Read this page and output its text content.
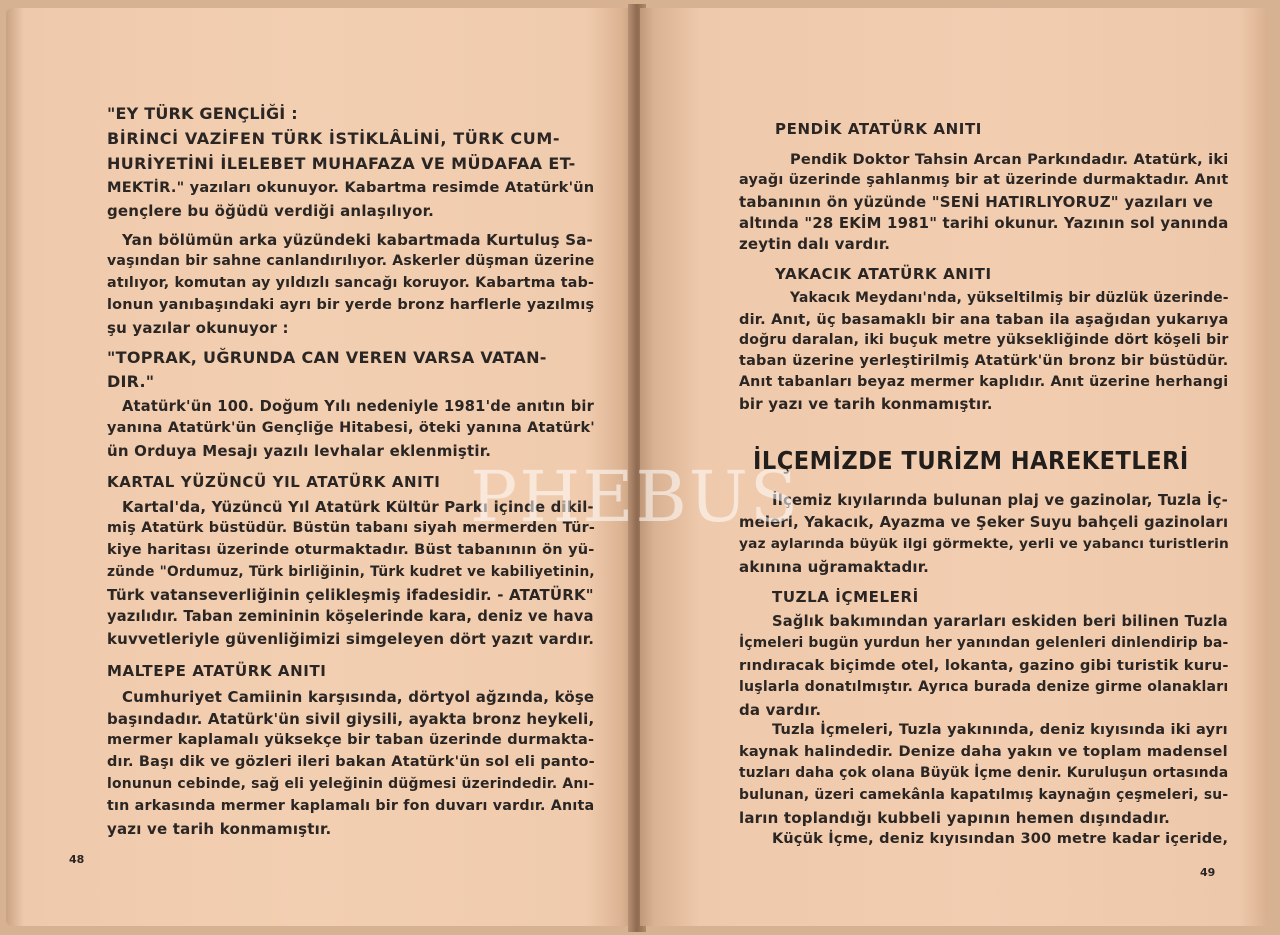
"EY TÜRK GENÇLİĞİ :
BİRİNCİ VAZİFEN TÜRK İSTİKLÂLİNİ, TÜRK CUM-
HURİYETİNİ İLELEBET MUHAFAZA VE MÜDAFAA ET-
MEKTİR." yazıları okunuyor. Kabartma resimde Atatürk'ün
gençlere bu öğüdü verdiği anlaşılıyor.
Yan bölümün arka yüzündeki kabartmada Kurtuluş Sa-
vaşından bir sahne canlandırılıyor. Askerler düşman üzerine
atılıyor, komutan ay yıldızlı sancağı koruyor. Kabartma tab-
lonun yanıbaşındaki ayrı bir yerde bronz harflerle yazılmış
şu yazılar okunuyor :
"TOPRAK, UĞRUNDA CAN VEREN VARSA VATAN-
DIR."
Atatürk'ün 100. Doğum Yılı nedeniyle 1981'de anıtın bir
yanına Atatürk'ün Gençliğe Hitabesi, öteki yanına Atatürk'
ün Orduya Mesajı yazılı levhalar eklenmiştir.
KARTAL YÜZÜNCÜ YIL ATATÜRK ANITI
Kartal'da, Yüzüncü Yıl Atatürk Kültür Parkı içinde dikil-
miş Atatürk büstüdür. Büstün tabanı siyah mermerden Tür-
kiye haritası üzerinde oturmaktadır. Büst tabanının ön yü-
zünde "Ordumuz, Türk birliğinin, Türk kudret ve kabiliyetinin,
Türk vatanseverliğinin çelikleşmiş ifadesidir. - ATATÜRK"
yazılıdır. Taban zemininin köşelerinde kara, deniz ve hava
kuvvetleriyle güvenliğimizi simgeleyen dört yazıt vardır.
MALTEPE ATATÜRK ANITI
Cumhuriyet Camiinin karşısında, dörtyol ağzında, köşe
başındadır. Atatürk'ün sivil giysili, ayakta bronz heykeli,
mermer kaplamalı yüksekçe bir taban üzerinde durmakta-
dır. Başı dik ve gözleri ileri bakan Atatürk'ün sol eli panto-
lonunun cebinde, sağ eli yeleğinin düğmesi üzerindedir. Anı-
tın arkasında mermer kaplamalı bir fon duvarı vardır. Anıta
yazı ve tarih konmamıştır.
48
PENDİK ATATÜRK ANITI
Pendik Doktor Tahsin Arcan Parkındadır. Atatürk, iki
ayağı üzerinde şahlanmış bir at üzerinde durmaktadır. Anıt
tabanının ön yüzünde "SENİ HATIRLIYORUZ" yazıları ve
altında "28 EKİM 1981" tarihi okunur. Yazının sol yanında
zeytin dalı vardır.
YAKACIK ATATÜRK ANITI
Yakacık Meydanı'nda, yükseltilmiş bir düzlük üzerinde-
dir. Anıt, üç basamaklı bir ana taban ila aşağıdan yukarıya
doğru daralan, iki buçuk metre yüksekliğinde dört köşeli bir
taban üzerine yerleştirilmiş Atatürk'ün bronz bir büstüdür.
Anıt tabanları beyaz mermer kaplıdır. Anıt üzerine herhangi
bir yazı ve tarih konmamıştır.
İLÇEMİZDE TURİZM HAREKETLERİ
İlçemiz kıyılarında bulunan plaj ve gazinolar, Tuzla İç-
meleri, Yakacık, Ayazma ve Şeker Suyu bahçeli gazinoları
yaz aylarında büyük ilgi görmekte, yerli ve yabancı turistlerin
akınına uğramaktadır.
TUZLA İÇMELERİ
Sağlık bakımından yararları eskiden beri bilinen Tuzla
İçmeleri bugün yurdun her yanından gelenleri dinlendirip ba-
rındıracak biçimde otel, lokanta, gazino gibi turistik kuru-
luşlarla donatılmıştır. Ayrıca burada denize girme olanakları
da vardır.
Tuzla İçmeleri, Tuzla yakınında, deniz kıyısında iki ayrı
kaynak halindedir. Denize daha yakın ve toplam madensel
tuzları daha çok olana Büyük İçme denir. Kuruluşun ortasında
bulunan, üzeri camekânla kapatılmış kaynağın çeşmeleri, su-
ların toplandığı kubbeli yapının hemen dışındadır.
Küçük İçme, deniz kıyısından 300 metre kadar içeride,
49
PHEBUS
